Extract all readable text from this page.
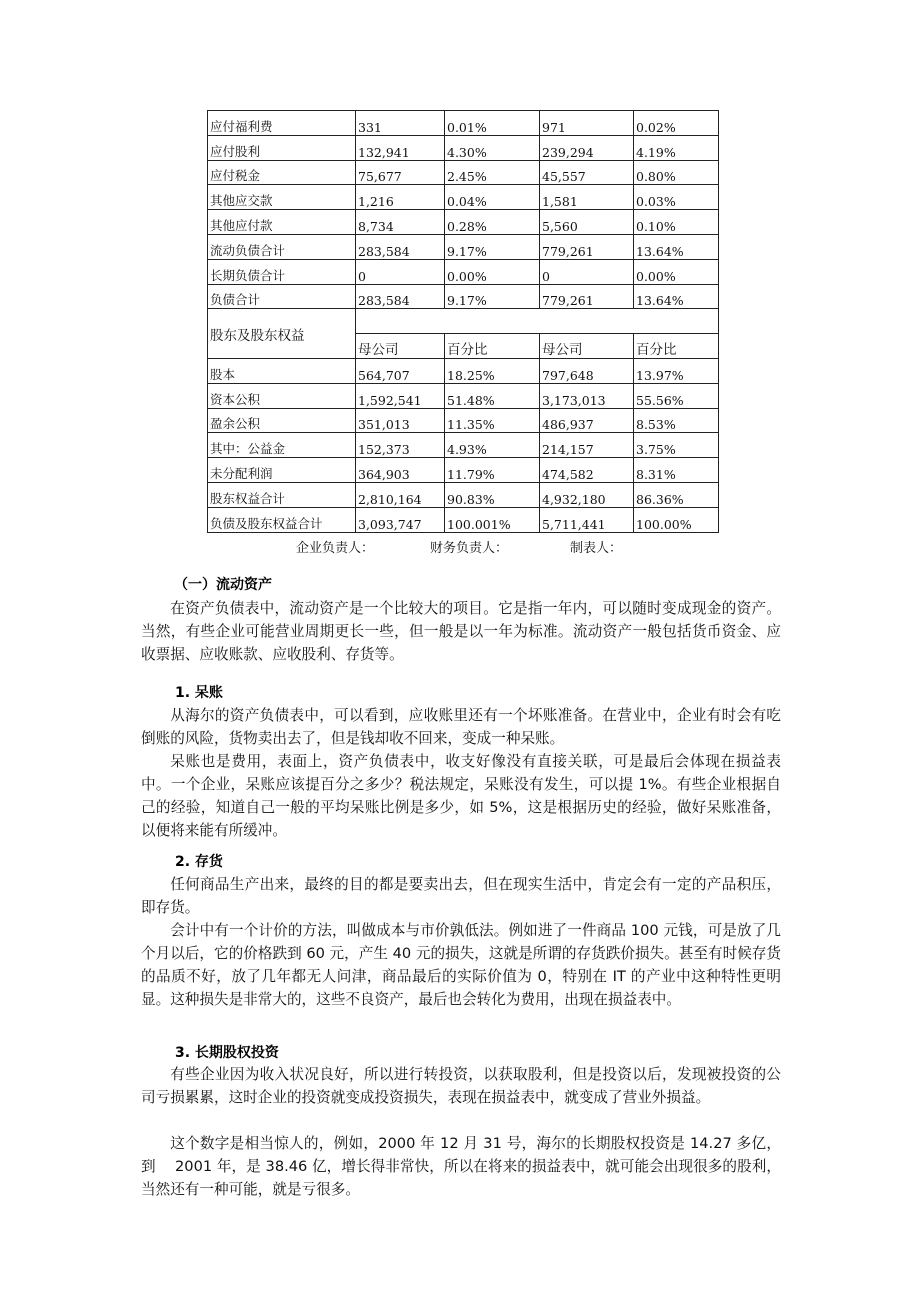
应付福利费	331	0.01%	971	0.02%
应付股利	132,941	4.30%	239,294	4.19%
应付税金	75,677	2.45%	45,557	0.80%
其他应交款	1,216	0.04%	1,581	0.03%
其他应付款	8,734	0.28%	5,560	0.10%
流动负债合计	283,584	9.17%	779,261	13.64%
长期负债合计	0	0.00%	0	0.00%
负债合计	283,584	9.17%	779,261	13.64%
股东及股东权益				
	母公司	百分比	母公司	百分比
股本	564,707	18.25%	797,648	13.97%
资本公积	1,592,541	51.48%	3,173,013	55.56%
盈余公积	351,013	11.35%	486,937	8.53%
其中：公益金	152,373	4.93%	214,157	3.75%
未分配利润	364,903	11.79%	474,582	8.31%
股东权益合计	2,810,164	90.83%	4,932,180	86.36%
负债及股东权益合计	3,093,747	100.001%	5,711,441	100.00%
企业负责人：	财务负责人：	制表人：
（一）流动资产

在资产负债表中，流动资产是一个比较大的项目。它是指一年内，可以随时变成现金的资产。当然，有些企业可能营业周期更长一些，但一般是以一年为标准。流动资产一般包括货币资金、应收票据、应收账款、应收股利、存货等。

1. 呆账

从海尔的资产负债表中，可以看到，应收账里还有一个坏账准备。在营业中，企业有时会有吃倒账的风险，货物卖出去了，但是钱却收不回来，变成一种呆账。

呆账也是费用，表面上，资产负债表中，收支好像没有直接关联，可是最后会体现在损益表中。一个企业，呆账应该提百分之多少？税法规定，呆账没有发生，可以提 1%。有些企业根据自己的经验，知道自己一般的平均呆账比例是多少，如 5%，这是根据历史的经验，做好呆账准备，以便将来能有所缓冲。

2. 存货

任何商品生产出来，最终的目的都是要卖出去，但在现实生活中，肯定会有一定的产品积压，即存货。

会计中有一个计价的方法，叫做成本与市价孰低法。例如进了一件商品 100 元钱，可是放了几个月以后，它的价格跌到 60 元，产生 40 元的损失，这就是所谓的存货跌价损失。甚至有时候存货的品质不好，放了几年都无人问津，商品最后的实际价值为 0，特别在 IT 的产业中这种特性更明显。这种损失是非常大的，这些不良资产，最后也会转化为费用，出现在损益表中。

3. 长期股权投资

有些企业因为收入状况良好，所以进行转投资，以获取股利，但是投资以后，发现被投资的公司亏损累累，这时企业的投资就变成投资损失，表现在损益表中，就变成了营业外损益。

这个数字是相当惊人的，例如，2000 年 12 月 31 号，海尔的长期股权投资是 14.27 多亿，到　 2001 年，是 38.46 亿，增长得非常快，所以在将来的损益表中，就可能会出现很多的股利，当然还有一种可能，就是亏很多。
